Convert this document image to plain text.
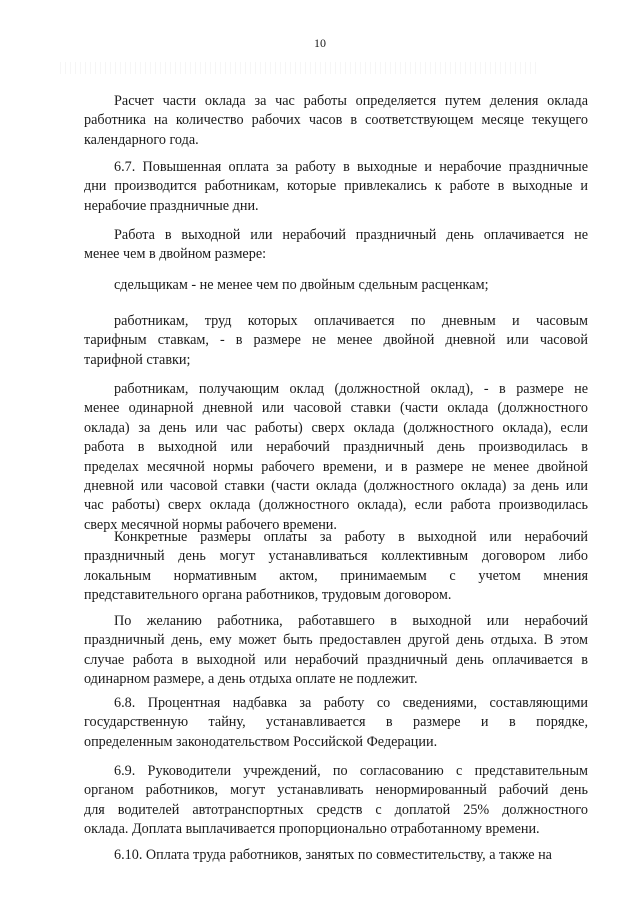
10
Расчет части оклада за час работы определяется путем деления оклада
работника на количество рабочих часов в соответствующем месяце текущего
календарного года.
6.7. Повышенная оплата за работу в выходные и нерабочие праздничные
дни производится работникам, которые привлекались к работе в выходные и
нерабочие праздничные дни.
Работа в выходной или нерабочий праздничный день оплачивается не
менее чем в двойном размере:
сдельщикам - не менее чем по двойным сдельным расценкам;
работникам, труд которых оплачивается по дневным и часовым
тарифным ставкам, - в размере не менее двойной дневной или часовой
тарифной ставки;
работникам, получающим оклад (должностной оклад), - в размере не
менее одинарной дневной или часовой ставки (части оклада (должностного
оклада) за день или час работы) сверх оклада (должностного оклада), если
работа в выходной или нерабочий праздничный день производилась в
пределах месячной нормы рабочего времени, и в размере не менее двойной
дневной или часовой ставки (части оклада (должностного оклада) за день или
час работы) сверх оклада (должностного оклада), если работа производилась
сверх месячной нормы рабочего времени.
Конкретные размеры оплаты за работу в выходной или нерабочий
праздничный день могут устанавливаться коллективным договором либо
локальным нормативным актом, принимаемым с учетом мнения
представительного органа работников, трудовым договором.
По желанию работника, работавшего в выходной или нерабочий
праздничный день, ему может быть предоставлен другой день отдыха. В этом
случае работа в выходной или нерабочий праздничный день оплачивается в
одинарном размере, а день отдыха оплате не подлежит.
6.8. Процентная надбавка за работу со сведениями, составляющими
государственную тайну, устанавливается в размере и в порядке,
определенным законодательством Российской Федерации.
6.9. Руководители учреждений, по согласованию с представительным
органом работников, могут устанавливать ненормированный рабочий день
для водителей автотранспортных средств с доплатой 25% должностного
оклада. Доплата выплачивается пропорционально отработанному времени.
6.10. Оплата труда работников, занятых по совместительству, а также на
